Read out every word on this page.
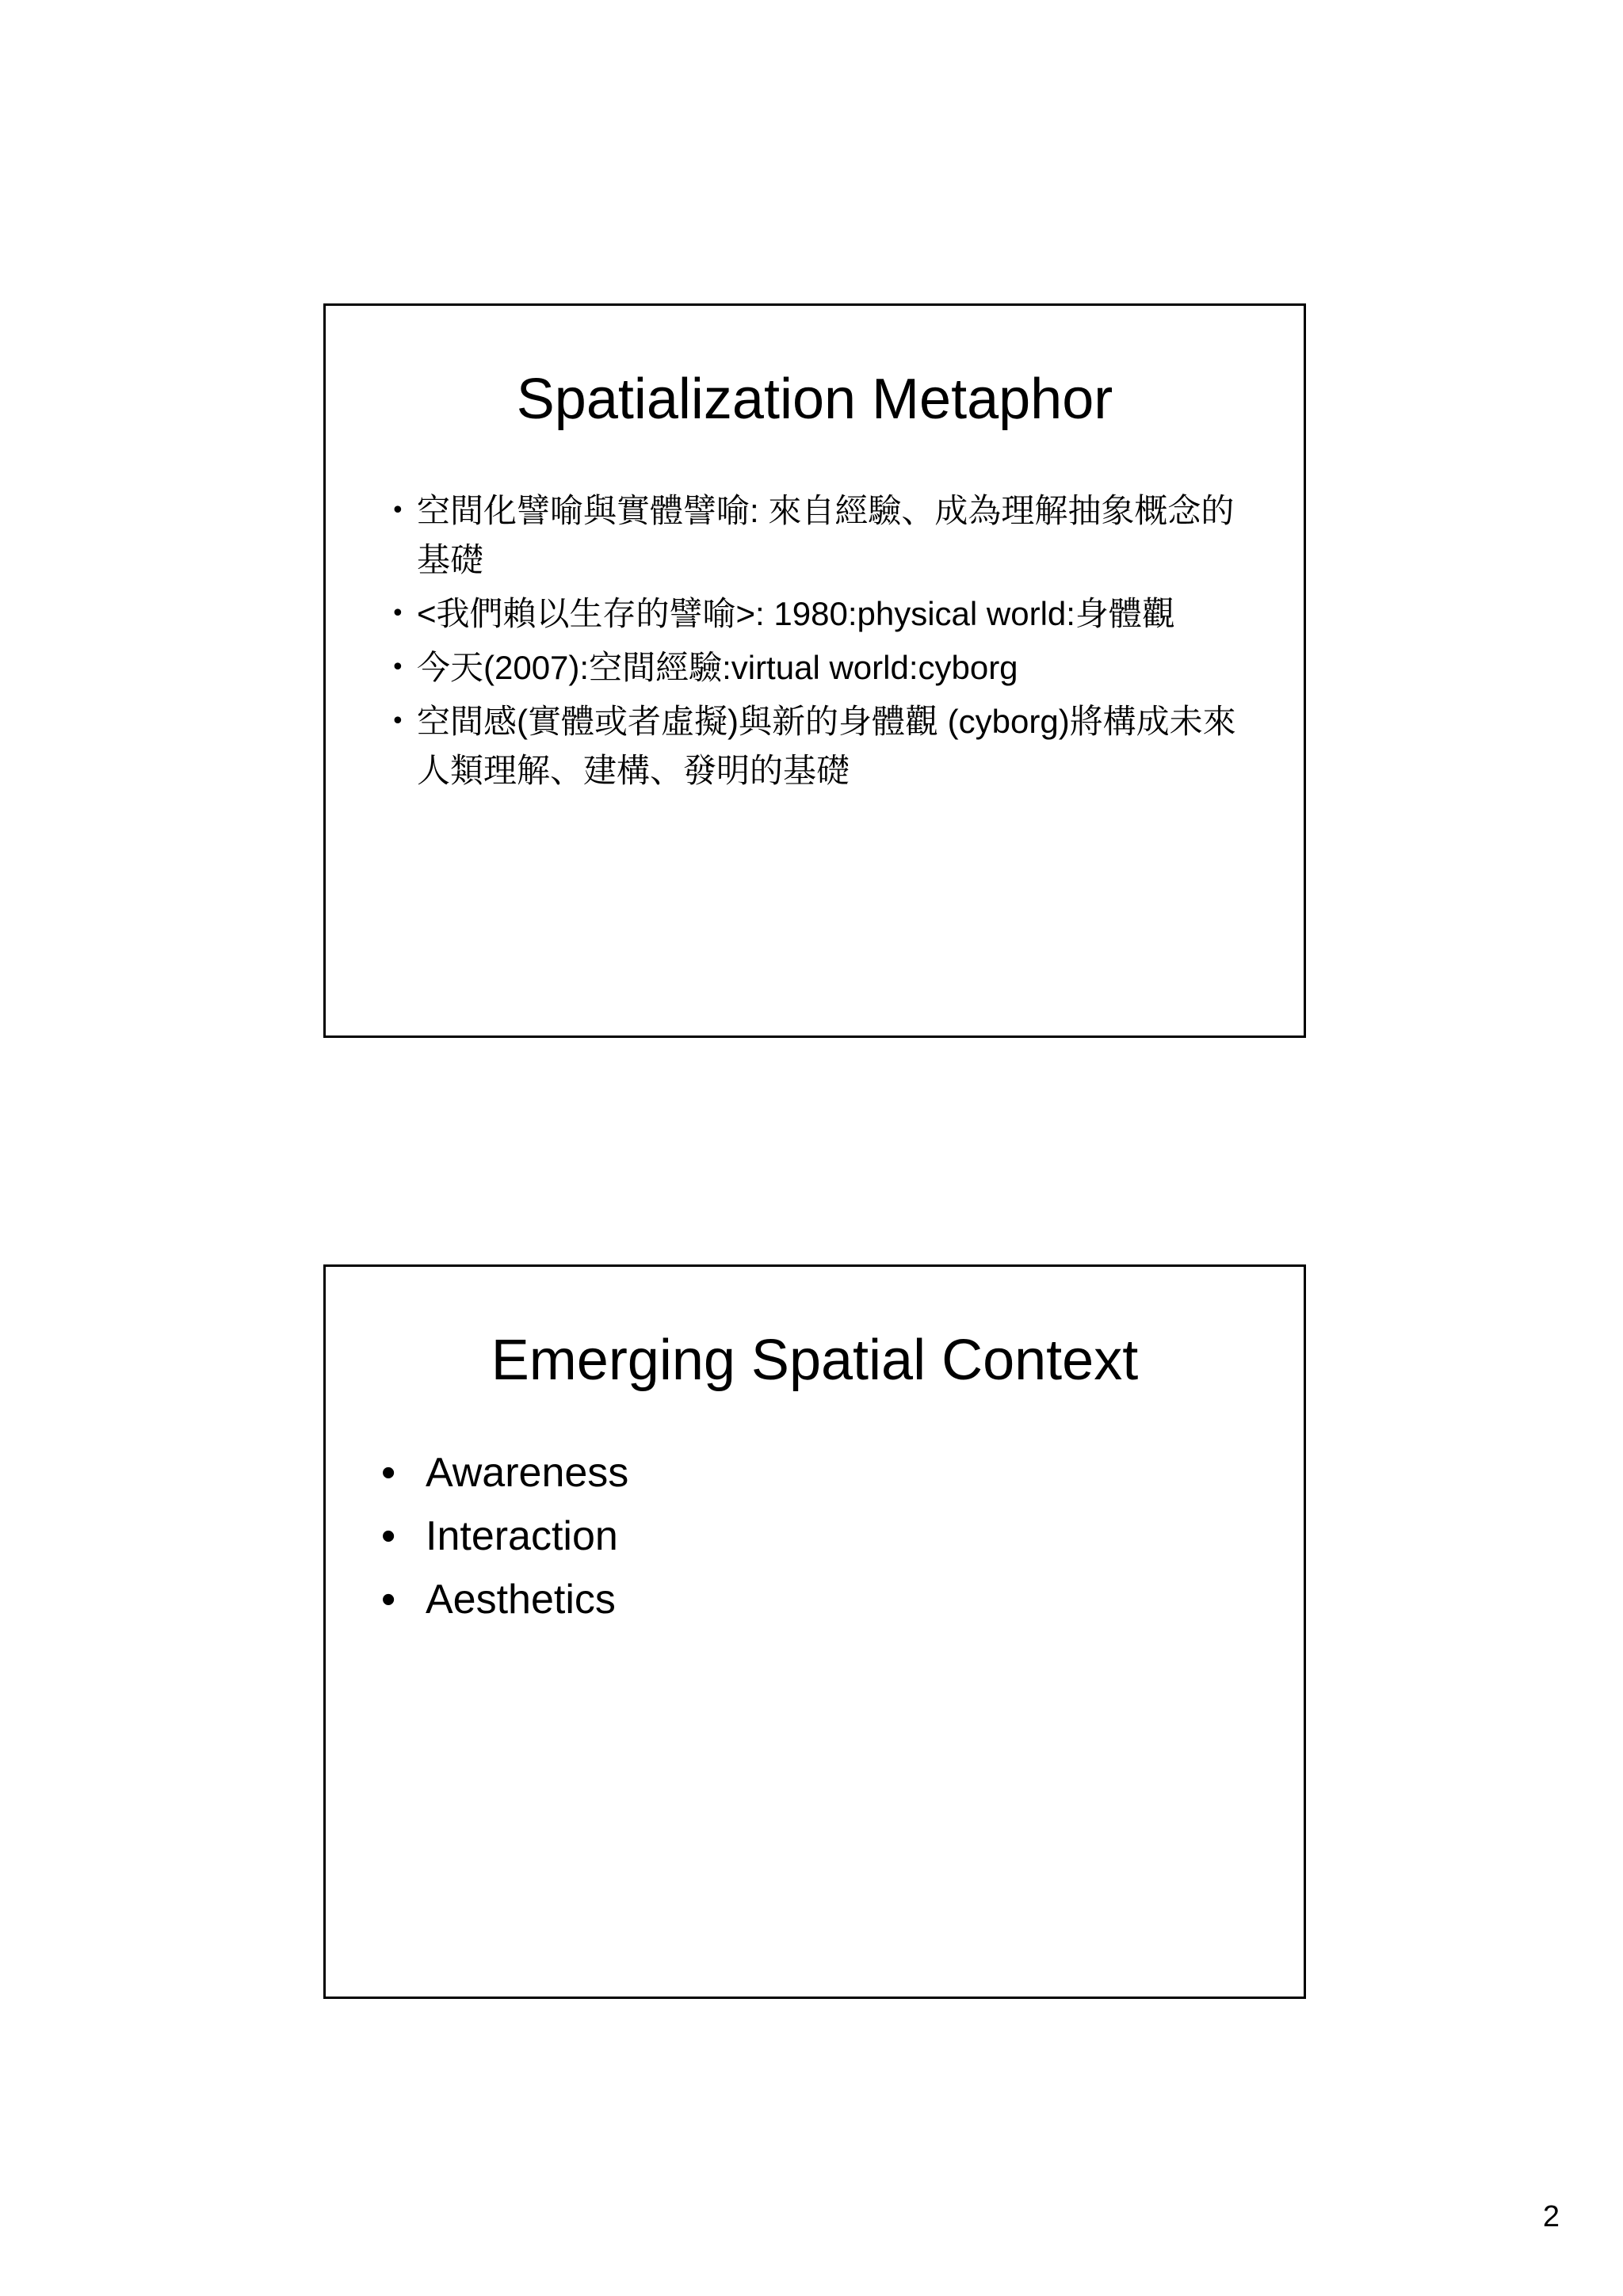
Spatialization Metaphor
• 空間化譬喻與實體譬喻: 來自經驗、成為理解抽象概念的基礎
• <我們賴以生存的譬喻>: 1980:physical world:身體觀
• 今天(2007):空間經驗:virtual world:cyborg
• 空間感(實體或者虛擬)與新的身體觀 (cyborg)將構成未來人類理解、建構、發明的基礎
Emerging Spatial Context
• Awareness
• Interaction
• Aesthetics
2
